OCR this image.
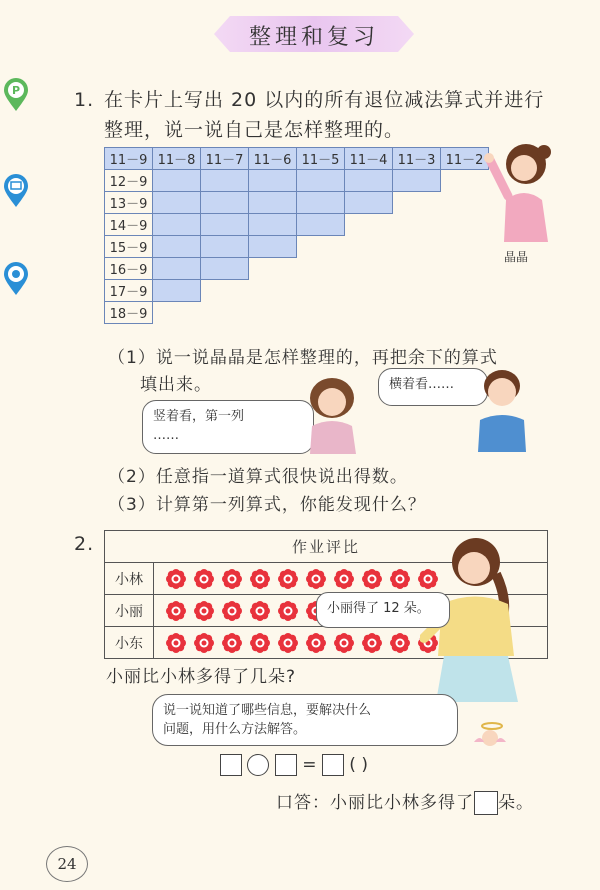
整理和复习
P	1. 在卡片上写出 20 以内的所有退位减法算式并进行
整理，说一说自己是怎样整理的。
11－9	11－8	11－7	11－6	11－5	11－4	11－3	11－2
12－9							
13－9							
14－9							
15－9							
16－9							
17－9							
18－9							
晶晶
（1）说一说晶晶是怎样整理的，再把余下的算式
填出来。
竖着看，第一列
……
横着看……
（2）任意指一道算式很快说出得数。
（3）计算第一列算式，你能发现什么？
2.	作业评比	
小林	
小丽	
小东	
小丽得了 12 朵。
小丽比小林多得了几朵?
说一说知道了哪些信息，要解决什么
问题，用什么方法解答。
= ( )
口答：小丽比小林多得了 朵。
24
